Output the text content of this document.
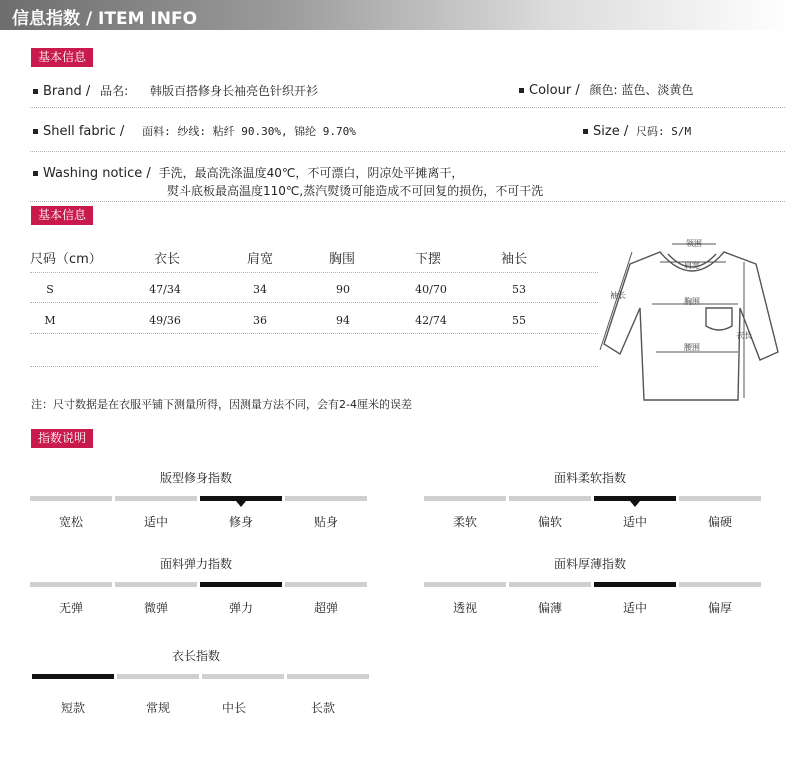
信息指数 / ITEM INFO
基本信息
Brand / 品名: 韩版百搭修身长袖亮色针织开衫	Colour / 颜色: 蓝色、淡黄色
Shell fabric / 面料: 纱线: 粘纤 90.30%, 锦纶 9.70%	Size / 尺码: S/M
Washing notice / 手洗，最高洗涤温度40℃，不可漂白，阴凉处平摊离干，
熨斗底板最高温度110℃,蒸汽熨烫可能造成不可回复的损伤，不可干洗
基本信息
尺码（cm）	衣长	肩宽	胸围	下摆	袖长
S	47/34	34	90	40/70	53
M	49/36	36	94	42/74	55
领围
肩宽
袖长
胸围
衣长
腰围
注：尺寸数据是在衣服平铺下测量所得，因测量方法不同，会有2-4厘米的误差
指数说明
版型修身指数
宽松	适中	修身	贴身
面料柔软指数
柔软	偏软	适中	偏硬
面料弹力指数
无弹	微弹	弹力	超弹
面料厚薄指数
透视	偏薄	适中	偏厚
衣长指数
短款	常规	中长	长款
